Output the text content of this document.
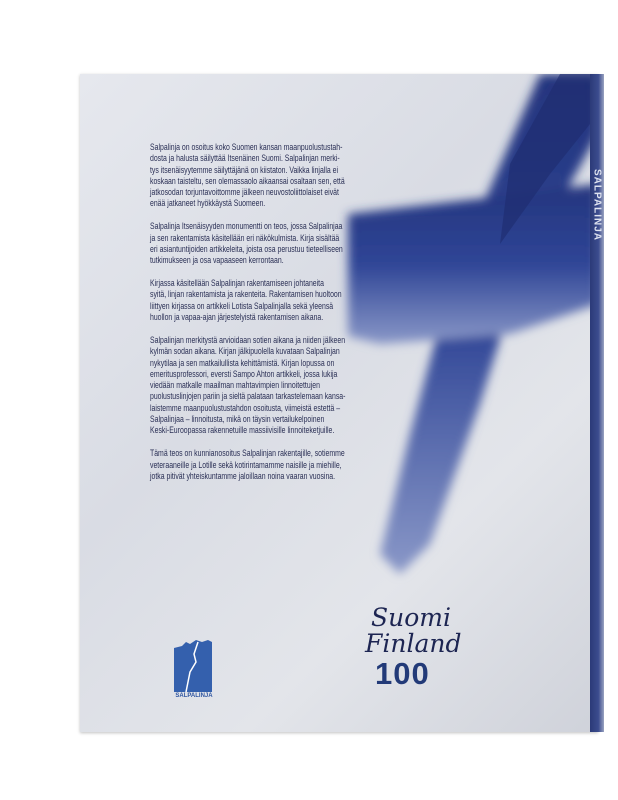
SALPALINJA
Salpalinja on osoitus koko Suomen kansan maanpuolustustah-
dosta ja halusta säilyttää Itsenäinen Suomi. Salpalinjan merki-
tys itsenäisyytemme säilyttäjänä on kiistaton. Vaikka linjalla ei
koskaan taisteltu, sen olemassaolo aikaansai osaltaan sen, että
jatkosodan torjuntavoittomme jälkeen neuvostoliittolaiset eivät
enää jatkaneet hyökkäystä Suomeen.
Salpalinja Itsenäisyyden monumentti on teos, jossa Salpalinjaa
ja sen rakentamista käsitellään eri näkökulmista. Kirja sisältää
eri asiantuntijoiden artikkeleita, joista osa perustuu tieteelliseen
tutkimukseen ja osa vapaaseen kerrontaan.
Kirjassa käsitellään Salpalinjan rakentamiseen johtaneita
syitä, linjan rakentamista ja rakenteita. Rakentamisen huoltoon
liittyen kirjassa on artikkeli Lotista Salpalinjalla sekä yleensä
huollon ja vapaa-ajan järjestelyistä rakentamisen aikana.
Salpalinjan merkitystä arvioidaan sotien aikana ja niiden jälkeen
kylmän sodan aikana. Kirjan jälkipuolella kuvataan Salpalinjan
nykytilaa ja sen matkailullista kehittämistä. Kirjan lopussa on
emeritusprofessori, eversti Sampo Ahton artikkeli, jossa lukija
viedään matkalle maailman mahtavimpien linnoitettujen
puolustuslinjojen pariin ja sieltä palataan tarkastelemaan kansa-
laistemme maanpuolustustahdon osoitusta, viimeistä estettä –
Salpalinjaa – linnoitusta, mikä on täysin vertailukelpoinen
Keski-Euroopassa rakennetuille massiivisille linnoiteketjuille.
Tämä teos on kunnianosoitus Salpalinjan rakentajille, sotiemme
veteraaneille ja Lotille sekä kotirintamamme naisille ja miehille,
jotka pitivät yhteiskuntamme jaloillaan noina vaaran vuosina.
SALPALINJA
Suomi
Finland
100
